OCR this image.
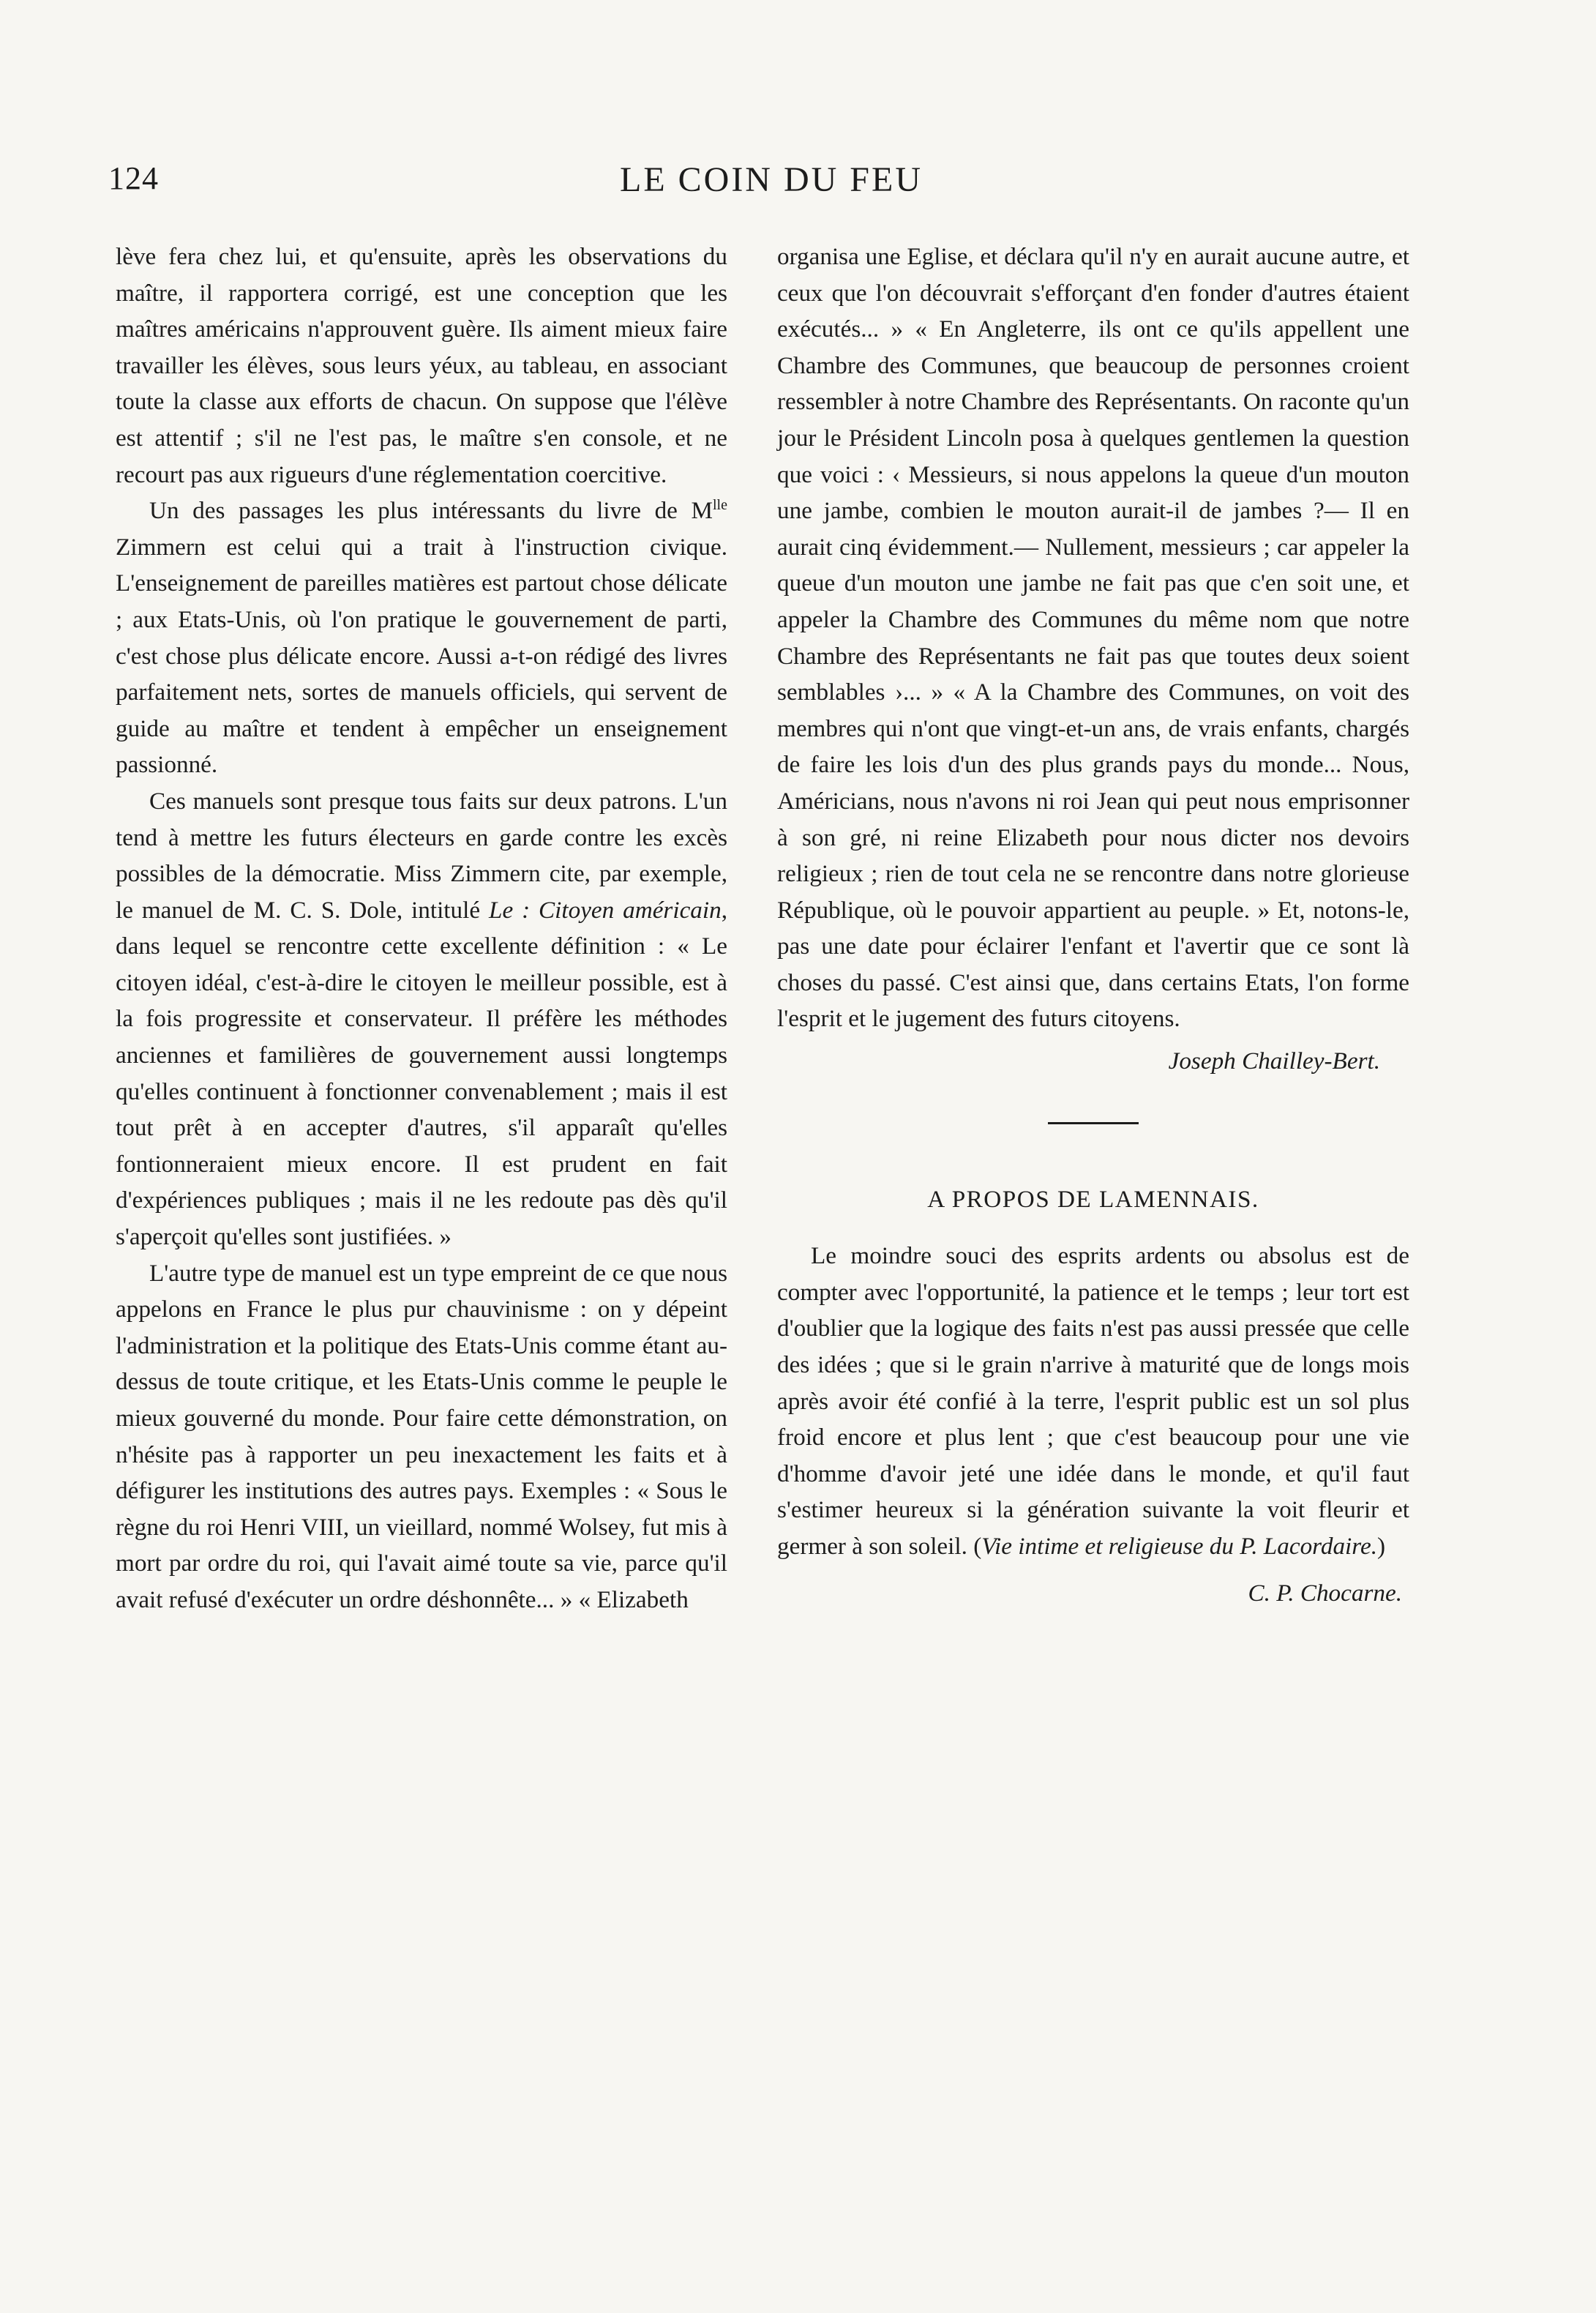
124	LE COIN DU FEU

lève fera chez lui, et qu'ensuite, après les observations du maître, il rapportera corrigé, est une conception que les maîtres américains n'approuvent guère. Ils aiment mieux faire travailler les élèves, sous leurs yéux, au tableau, en associant toute la classe aux efforts de chacun. On suppose que l'élève est attentif ; s'il ne l'est pas, le maître s'en console, et ne recourt pas aux rigueurs d'une réglementation coercitive.

Un des passages les plus intéressants du livre de $M^{lle}$ Zimmern est celui qui a trait à l'instruction civique. L'enseignement de pareilles matières est partout chose délicate ; aux Etats-Unis, où l'on pratique le gouvernement de parti, c'est chose plus délicate encore. Aussi a-t-on rédigé des livres parfaitement nets, sortes de manuels officiels, qui servent de guide au maître et tendent à empêcher un enseignement passionné.

Ces manuels sont presque tous faits sur deux patrons. L'un tend à mettre les futurs électeurs en garde contre les excès possibles de la démocratie. Miss Zimmern cite, par exemple, le manuel de M. C. S. Dole, intitulé Le : Citoyen américain, dans lequel se rencontre cette excellente définition : « Le citoyen idéal, c'est-à-dire le citoyen le meilleur possible, est à la fois progressite et conservateur. Il préfère les méthodes anciennes et familières de gouvernement aussi longtemps qu'elles continuent à fonctionner convenablement ; mais il est tout prêt à en accepter d'autres, s'il apparaît qu'elles fontionneraient mieux encore. Il est prudent en fait d'expériences publiques ; mais il ne les redoute pas dès qu'il s'aperçoit qu'elles sont justifiées. »

L'autre type de manuel est un type empreint de ce que nous appelons en France le plus pur chauvinisme : on y dépeint l'administration et la politique des Etats-Unis comme étant au-dessus de toute critique, et les Etats-Unis comme le peuple le mieux gouverné du monde. Pour faire cette démonstration, on n'hésite pas à rapporter un peu inexactement les faits et à défigurer les institutions des autres pays. Exemples : « Sous le règne du roi Henri VIII, un vieillard, nommé Wolsey, fut mis à mort par ordre du roi, qui l'avait aimé toute sa vie, parce qu'il avait refusé d'exécuter un ordre déshonnête... » « Elizabeth

organisa une Eglise, et déclara qu'il n'y en aurait aucune autre, et ceux que l'on découvrait s'efforçant d'en fonder d'autres étaient exécutés... » « En Angleterre, ils ont ce qu'ils appellent une Chambre des Communes, que beaucoup de personnes croient ressembler à notre Chambre des Représentants. On raconte qu'un jour le Président Lincoln posa à quelques gentlemen la question que voici : ‹ Messieurs, si nous appelons la queue d'un mouton une jambe, combien le mouton aurait-il de jambes ?— Il en aurait cinq évidemment.— Nullement, messieurs ; car appeler la queue d'un mouton une jambe ne fait pas que c'en soit une, et appeler la Chambre des Communes du même nom que notre Chambre des Représentants ne fait pas que toutes deux soient semblables ›... » « A la Chambre des Communes, on voit des membres qui n'ont que vingt-et-un ans, de vrais enfants, chargés de faire les lois d'un des plus grands pays du monde... Nous, Américians, nous n'avons ni roi Jean qui peut nous emprisonner à son gré, ni reine Elizabeth pour nous dicter nos devoirs religieux ; rien de tout cela ne se rencontre dans notre glorieuse République, où le pouvoir appartient au peuple. » Et, notons-le, pas une date pour éclairer l'enfant et l'avertir que ce sont là choses du passé. C'est ainsi que, dans certains Etats, l'on forme l'esprit et le jugement des futurs citoyens.

Joseph Chailley-Bert.

A PROPOS DE LAMENNAIS.

Le moindre souci des esprits ardents ou absolus est de compter avec l'opportunité, la patience et le temps ; leur tort est d'oublier que la logique des faits n'est pas aussi pressée que celle des idées ; que si le grain n'arrive à maturité que de longs mois après avoir été confié à la terre, l'esprit public est un sol plus froid encore et plus lent ; que c'est beaucoup pour une vie d'homme d'avoir jeté une idée dans le monde, et qu'il faut s'estimer heureux si la génération suivante la voit fleurir et germer à son soleil. (Vie intime et religieuse du P. Lacordaire.)

C. P. Chocarne.
